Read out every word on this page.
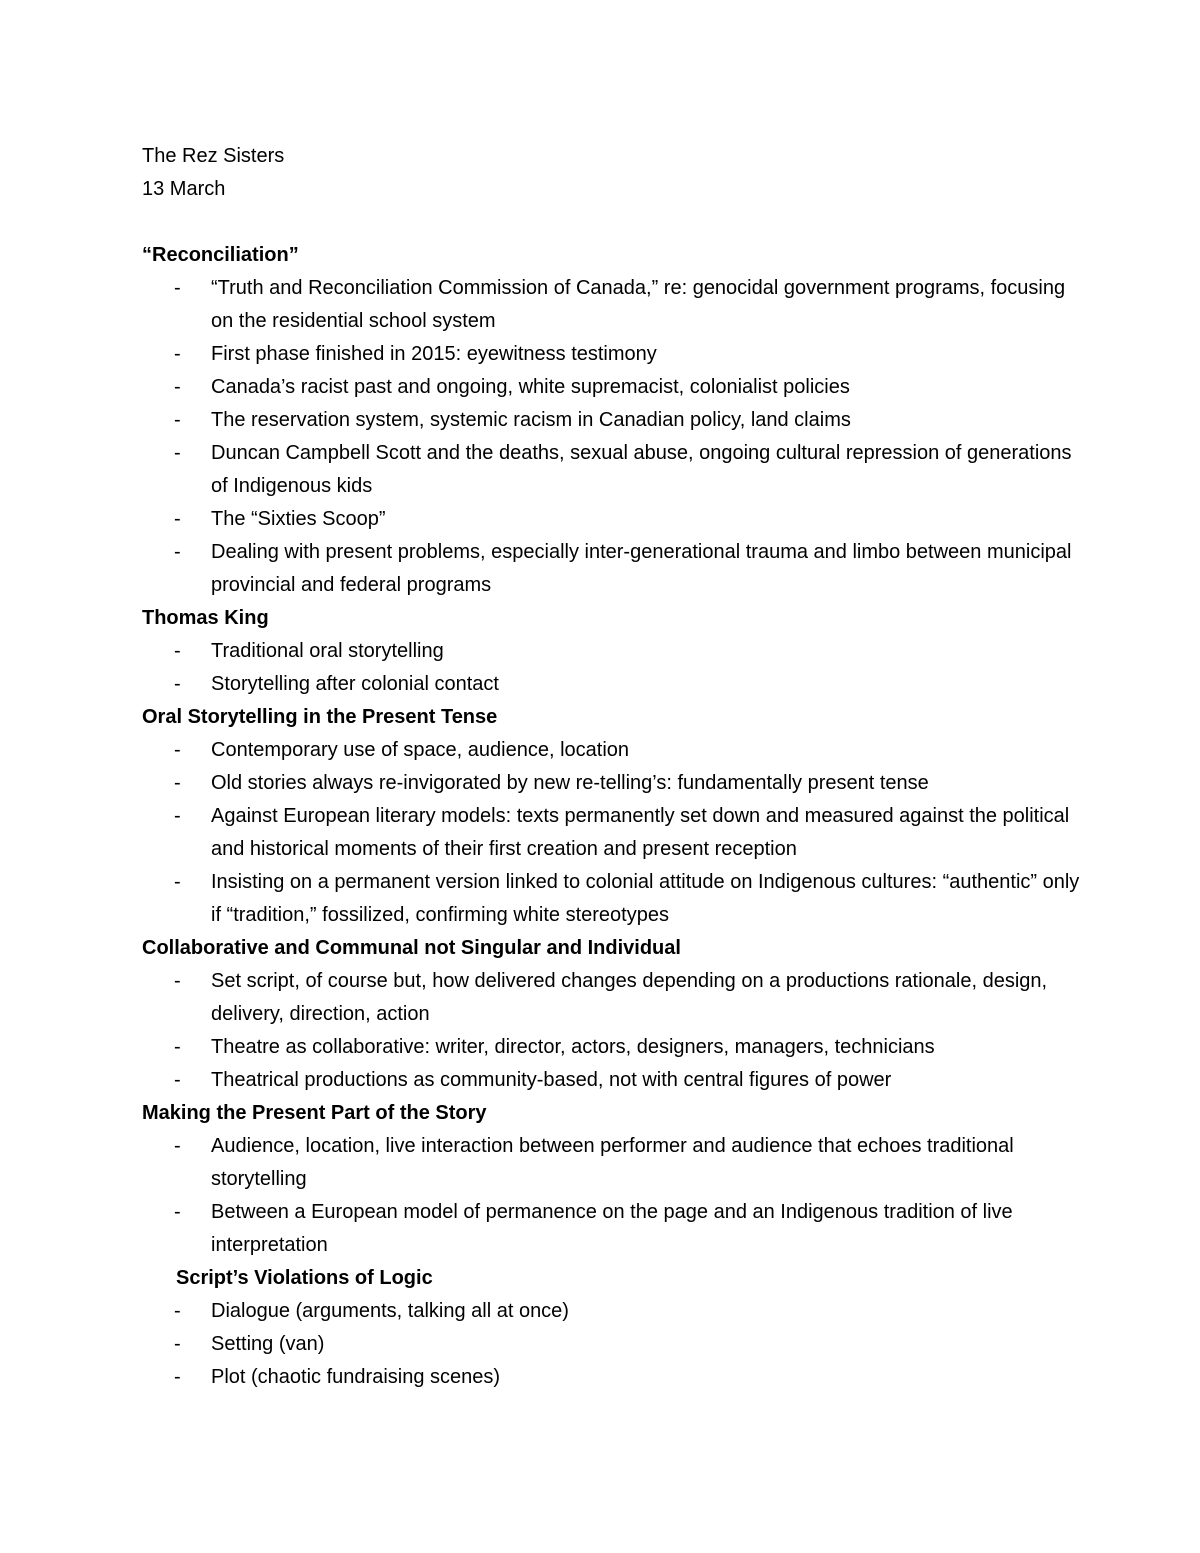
The Rez Sisters

13 March

“Reconciliation”

- “Truth and Reconciliation Commission of Canada,” re: genocidal government programs, focusing on the residential school system
- First phase finished in 2015: eyewitness testimony
- Canada’s racist past and ongoing, white supremacist, colonialist policies
- The reservation system, systemic racism in Canadian policy, land claims
- Duncan Campbell Scott and the deaths, sexual abuse, ongoing cultural repression of generations of Indigenous kids
- The “Sixties Scoop”
- Dealing with present problems, especially inter-generational trauma and limbo between municipal provincial and federal programs

Thomas King

- Traditional oral storytelling
- Storytelling after colonial contact

Oral Storytelling in the Present Tense

- Contemporary use of space, audience, location
- Old stories always re-invigorated by new re-telling’s: fundamentally present tense
- Against European literary models: texts permanently set down and measured against the political and historical moments of their first creation and present reception
- Insisting on a permanent version linked to colonial attitude on Indigenous cultures: “authentic” only if “tradition,” fossilized, confirming white stereotypes

Collaborative and Communal not Singular and Individual

- Set script, of course but, how delivered changes depending on a productions rationale, design, delivery, direction, action
- Theatre as collaborative: writer, director, actors, designers, managers, technicians
- Theatrical productions as community-based, not with central figures of power

Making the Present Part of the Story

- Audience, location, live interaction between performer and audience that echoes traditional storytelling
- Between a European model of permanence on the page and an Indigenous tradition of live interpretation

Script’s Violations of Logic

- Dialogue (arguments, talking all at once)
- Setting (van)
- Plot (chaotic fundraising scenes)
